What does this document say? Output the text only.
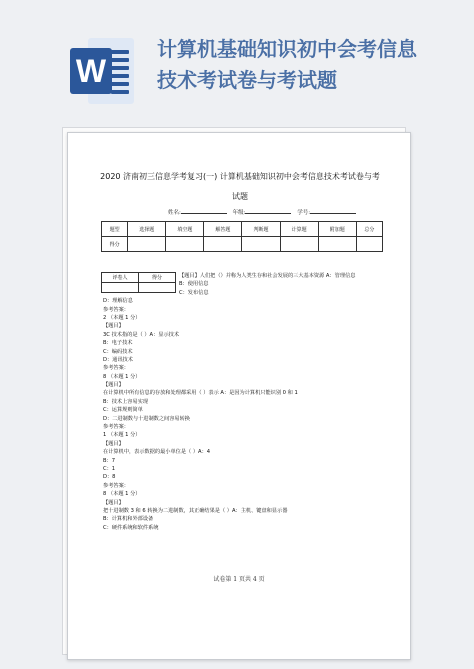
W
计算机基础知识初中会考信息
技术考试卷与考试题
2020 济南初三信息学考复习(一) 计算机基础知识初中会考信息技术考试卷与考
试题
姓名:	年级:	学号:
题型	选择题	填空题	解答题	判断题	计算题	附加题	总分
得分							
评卷人	得分
		【题目】人们把（）并称为人类生存和社会发展的三大基本资源 A：管理信息
B：使用信息
C：发布信息
D：理解信息
参考答案：
2 （本题 1 分）
【题目】
3C 技术指的是（ ）A：显示技术
B：电子技术
C：编码技术
D：通讯技术
参考答案：
8 （本题 1 分）
【题目】
在计算机中所有信息的存放和处理都采用（ ）表示 A：是因为计算机只能识别 0 和 1
B：技术上容易实现
C：运算规则简单
D：二进制数与十进制数之间容易转换
参考答案：
1 （本题 1 分）
【题目】
在计算机中，表示数据的最小单位是（ ）A：4
B：7
C：1
D：8
参考答案：
8 （本题 1 分）
【题目】
把十进制数 3 和 6 转换为二进制数，其正确结果是（ ）A：主机、键盘和显示器
B：计算机和外部设备
C：硬件系统和软件系统
试卷第 1 页共 4 页
